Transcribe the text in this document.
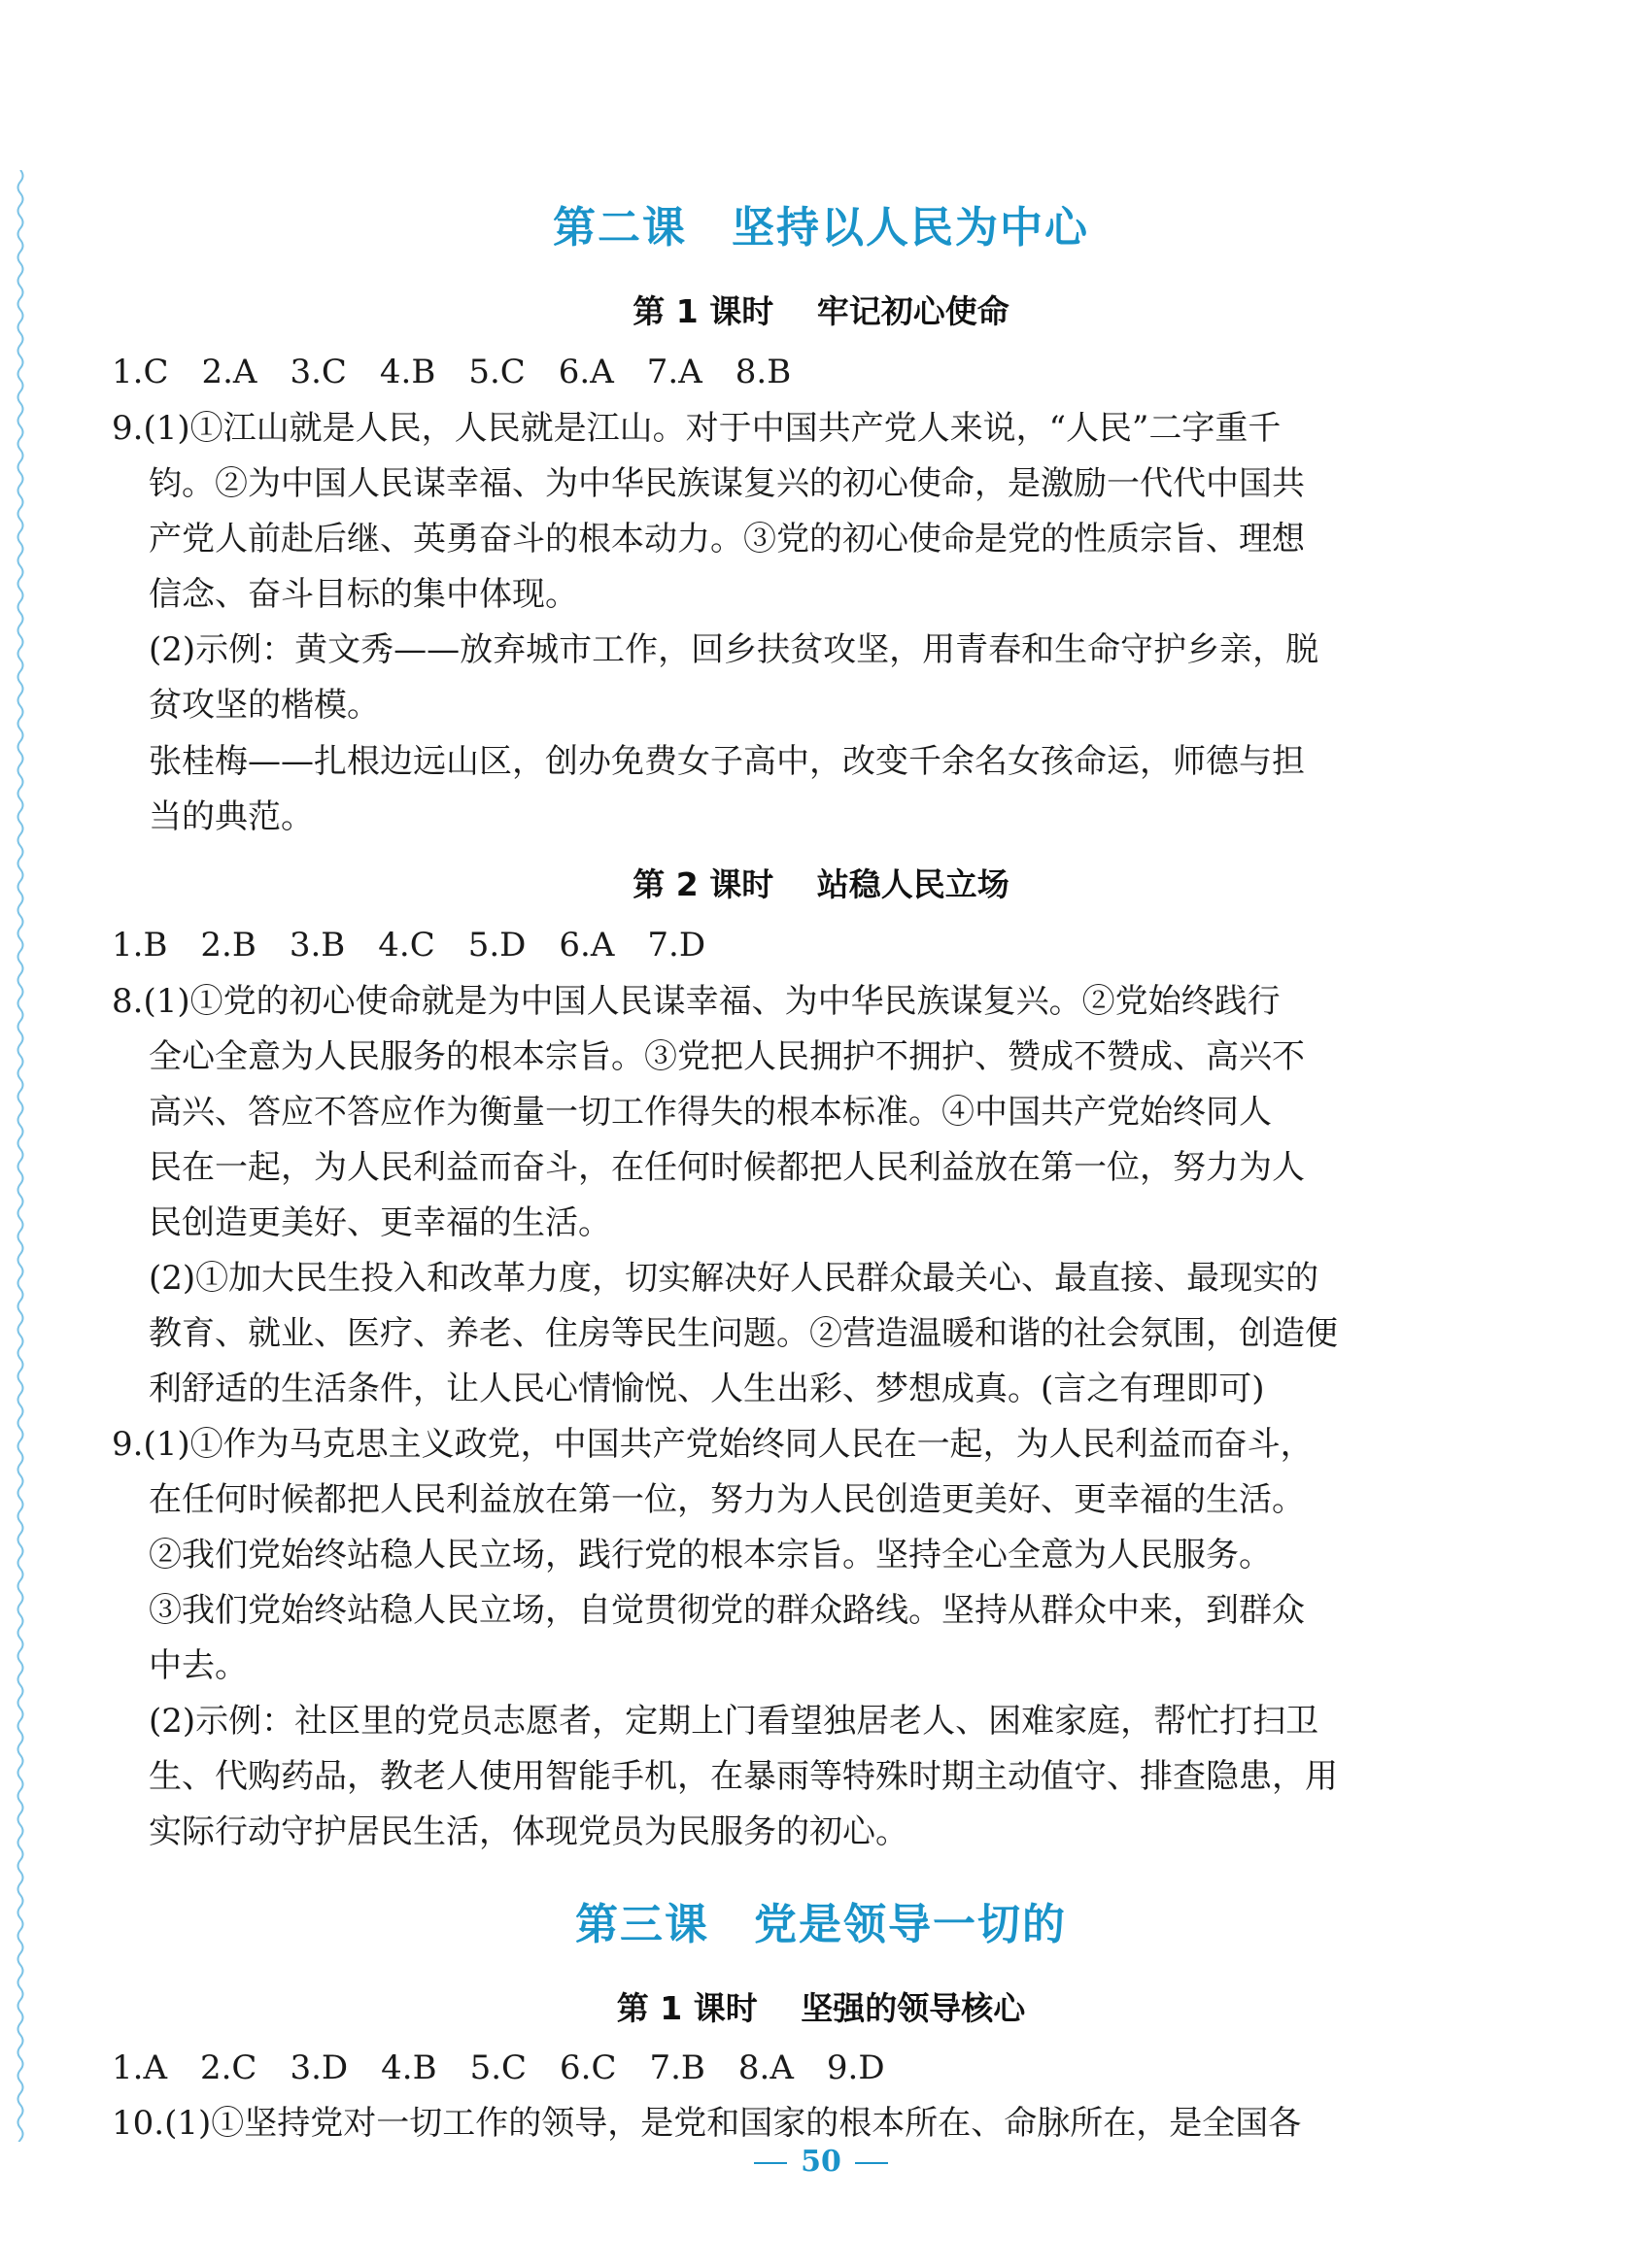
第二课　坚持以人民为中心
第 1 课时　 牢记初心使命
1.C　2.A　3.C　4.B　5.C　6.A　7.A　8.B
9.(1)①江山就是人民，人民就是江山。对于中国共产党人来说，“人民”二字重千
钧。②为中国人民谋幸福、为中华民族谋复兴的初心使命，是激励一代代中国共
产党人前赴后继、英勇奋斗的根本动力。③党的初心使命是党的性质宗旨、理想
信念、奋斗目标的集中体现。
(2)示例：黄文秀——放弃城市工作，回乡扶贫攻坚，用青春和生命守护乡亲，脱
贫攻坚的楷模。
张桂梅——扎根边远山区，创办免费女子高中，改变千余名女孩命运，师德与担
当的典范。
第 2 课时　 站稳人民立场
1.B　2.B　3.B　4.C　5.D　6.A　7.D
8.(1)①党的初心使命就是为中国人民谋幸福、为中华民族谋复兴。②党始终践行
全心全意为人民服务的根本宗旨。③党把人民拥护不拥护、赞成不赞成、高兴不
高兴、答应不答应作为衡量一切工作得失的根本标准。④中国共产党始终同人
民在一起，为人民利益而奋斗，在任何时候都把人民利益放在第一位，努力为人
民创造更美好、更幸福的生活。
(2)①加大民生投入和改革力度，切实解决好人民群众最关心、最直接、最现实的
教育、就业、医疗、养老、住房等民生问题。②营造温暖和谐的社会氛围，创造便
利舒适的生活条件，让人民心情愉悦、人生出彩、梦想成真。(言之有理即可)
9.(1)①作为马克思主义政党，中国共产党始终同人民在一起，为人民利益而奋斗，
在任何时候都把人民利益放在第一位，努力为人民创造更美好、更幸福的生活。
②我们党始终站稳人民立场，践行党的根本宗旨。坚持全心全意为人民服务。
③我们党始终站稳人民立场，自觉贯彻党的群众路线。坚持从群众中来，到群众
中去。
(2)示例：社区里的党员志愿者，定期上门看望独居老人、困难家庭，帮忙打扫卫
生、代购药品，教老人使用智能手机，在暴雨等特殊时期主动值守、排查隐患，用
实际行动守护居民生活，体现党员为民服务的初心。
第三课　党是领导一切的
第 1 课时　 坚强的领导核心
1.A　2.C　3.D　4.B　5.C　6.C　7.B　8.A　9.D
10.(1)①坚持党对一切工作的领导，是党和国家的根本所在、命脉所在，是全国各
50
